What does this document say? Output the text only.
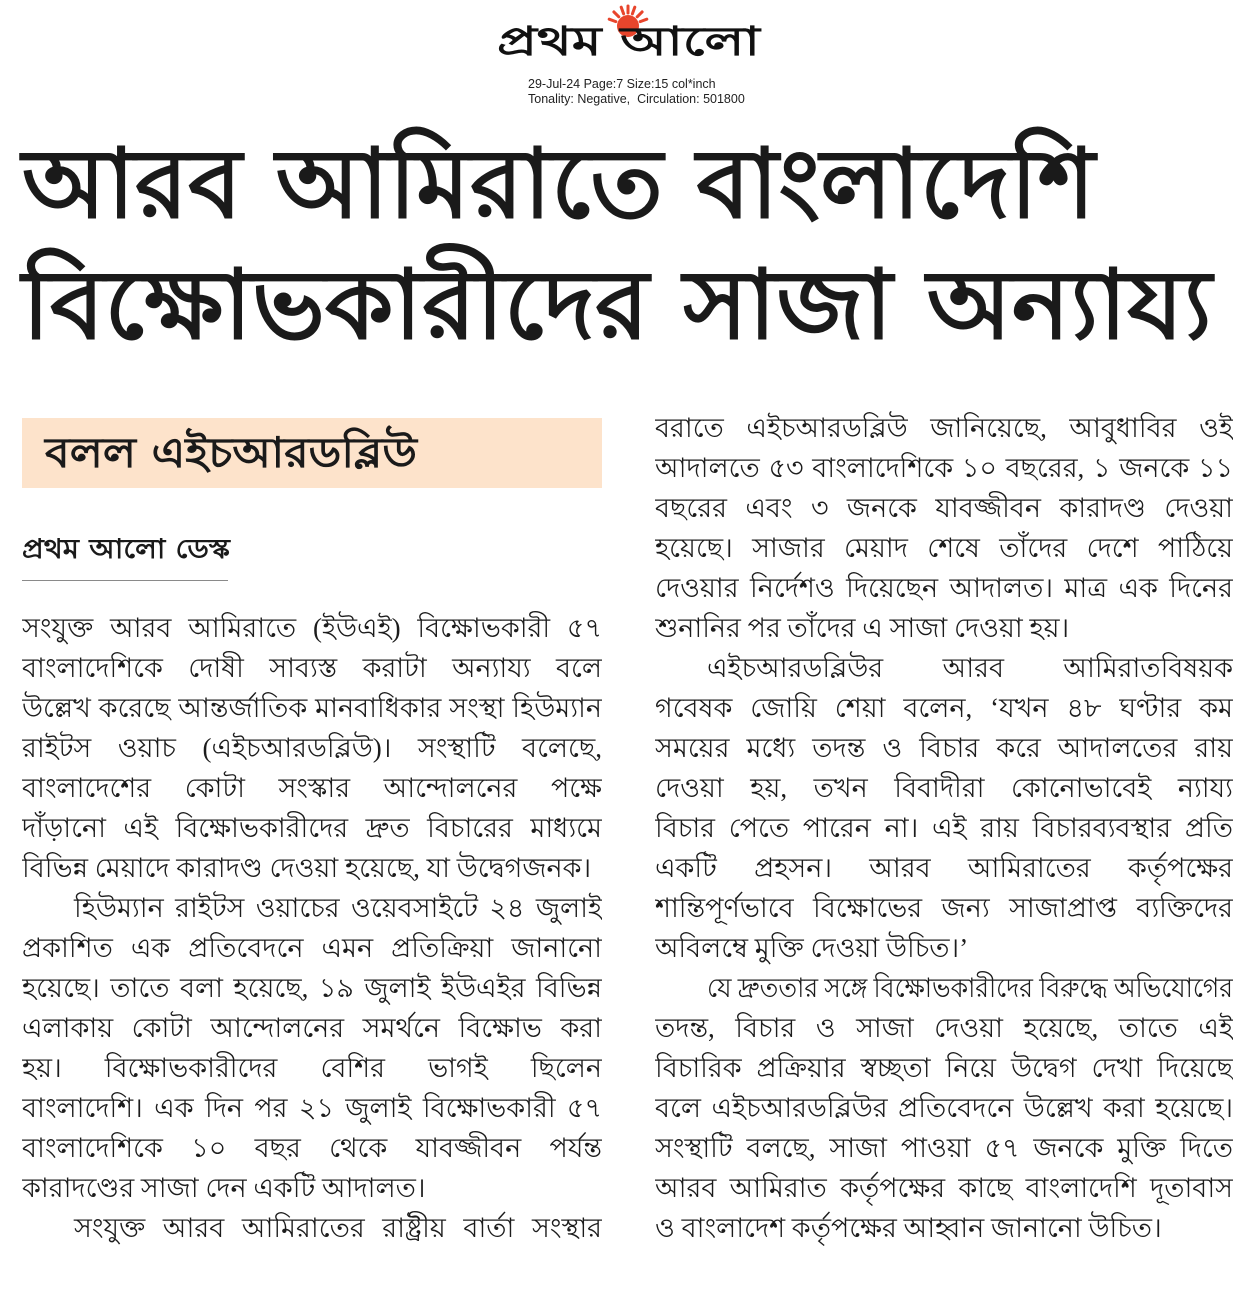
প্রথম আলো
29-Jul-24 Page:7 Size:15 col*inch
Tonality: Negative,  Circulation: 501800
আরব আমিরাতে বাংলাদেশি
বিক্ষোভকারীদের সাজা অন্যায্য
বলল এইচআরডব্লিউ
প্রথম আলো ডেস্ক
সংযুক্ত আরব আমিরাতে (ইউএই) বিক্ষোভকারী ৫৭
বাংলাদেশিকে দোষী সাব্যস্ত করাটা অন্যায্য বলে
উল্লেখ করেছে আন্তর্জাতিক মানবাধিকার সংস্থা হিউম্যান
রাইটস ওয়াচ (এইচআরডব্লিউ)। সংস্থাটি বলেছে,
বাংলাদেশের কোটা সংস্কার আন্দোলনের পক্ষে
দাঁড়ানো এই বিক্ষোভকারীদের দ্রুত বিচারের মাধ্যমে
বিভিন্ন মেয়াদে কারাদণ্ড দেওয়া হয়েছে, যা উদ্বেগজনক।
হিউম্যান রাইটস ওয়াচের ওয়েবসাইটে ২৪ জুলাই
প্রকাশিত এক প্রতিবেদনে এমন প্রতিক্রিয়া জানানো
হয়েছে। তাতে বলা হয়েছে, ১৯ জুলাই ইউএইর বিভিন্ন
এলাকায় কোটা আন্দোলনের সমর্থনে বিক্ষোভ করা
হয়। বিক্ষোভকারীদের বেশির ভাগই ছিলেন
বাংলাদেশি। এক দিন পর ২১ জুলাই বিক্ষোভকারী ৫৭
বাংলাদেশিকে ১০ বছর থেকে যাবজ্জীবন পর্যন্ত
কারাদণ্ডের সাজা দেন একটি আদালত।
সংযুক্ত আরব আমিরাতের রাষ্ট্রীয় বার্তা সংস্থার
বরাতে এইচআরডব্লিউ জানিয়েছে, আবুধাবির ওই
আদালতে ৫৩ বাংলাদেশিকে ১০ বছরের, ১ জনকে ১১
বছরের এবং ৩ জনকে যাবজ্জীবন কারাদণ্ড দেওয়া
হয়েছে। সাজার মেয়াদ শেষে তাঁদের দেশে পাঠিয়ে
দেওয়ার নির্দেশও দিয়েছেন আদালত। মাত্র এক দিনের
শুনানির পর তাঁদের এ সাজা দেওয়া হয়।
এইচআরডব্লিউর আরব আমিরাতবিষয়ক
গবেষক জোয়ি শেয়া বলেন, ‘যখন ৪৮ ঘণ্টার কম
সময়ের মধ্যে তদন্ত ও বিচার করে আদালতের রায়
দেওয়া হয়, তখন বিবাদীরা কোনোভাবেই ন্যায্য
বিচার পেতে পারেন না। এই রায় বিচারব্যবস্থার প্রতি
একটি প্রহসন। আরব আমিরাতের কর্তৃপক্ষের
শান্তিপূর্ণভাবে বিক্ষোভের জন্য সাজাপ্রাপ্ত ব্যক্তিদের
অবিলম্বে মুক্তি দেওয়া উচিত।’
যে দ্রুততার সঙ্গে বিক্ষোভকারীদের বিরুদ্ধে অভিযোগের
তদন্ত, বিচার ও সাজা দেওয়া হয়েছে, তাতে এই
বিচারিক প্রক্রিয়ার স্বচ্ছতা নিয়ে উদ্বেগ দেখা দিয়েছে
বলে এইচআরডব্লিউর প্রতিবেদনে উল্লেখ করা হয়েছে।
সংস্থাটি বলছে, সাজা পাওয়া ৫৭ জনকে মুক্তি দিতে
আরব আমিরাত কর্তৃপক্ষের কাছে বাংলাদেশি দূতাবাস
ও বাংলাদেশ কর্তৃপক্ষের আহ্বান জানানো উচিত।
